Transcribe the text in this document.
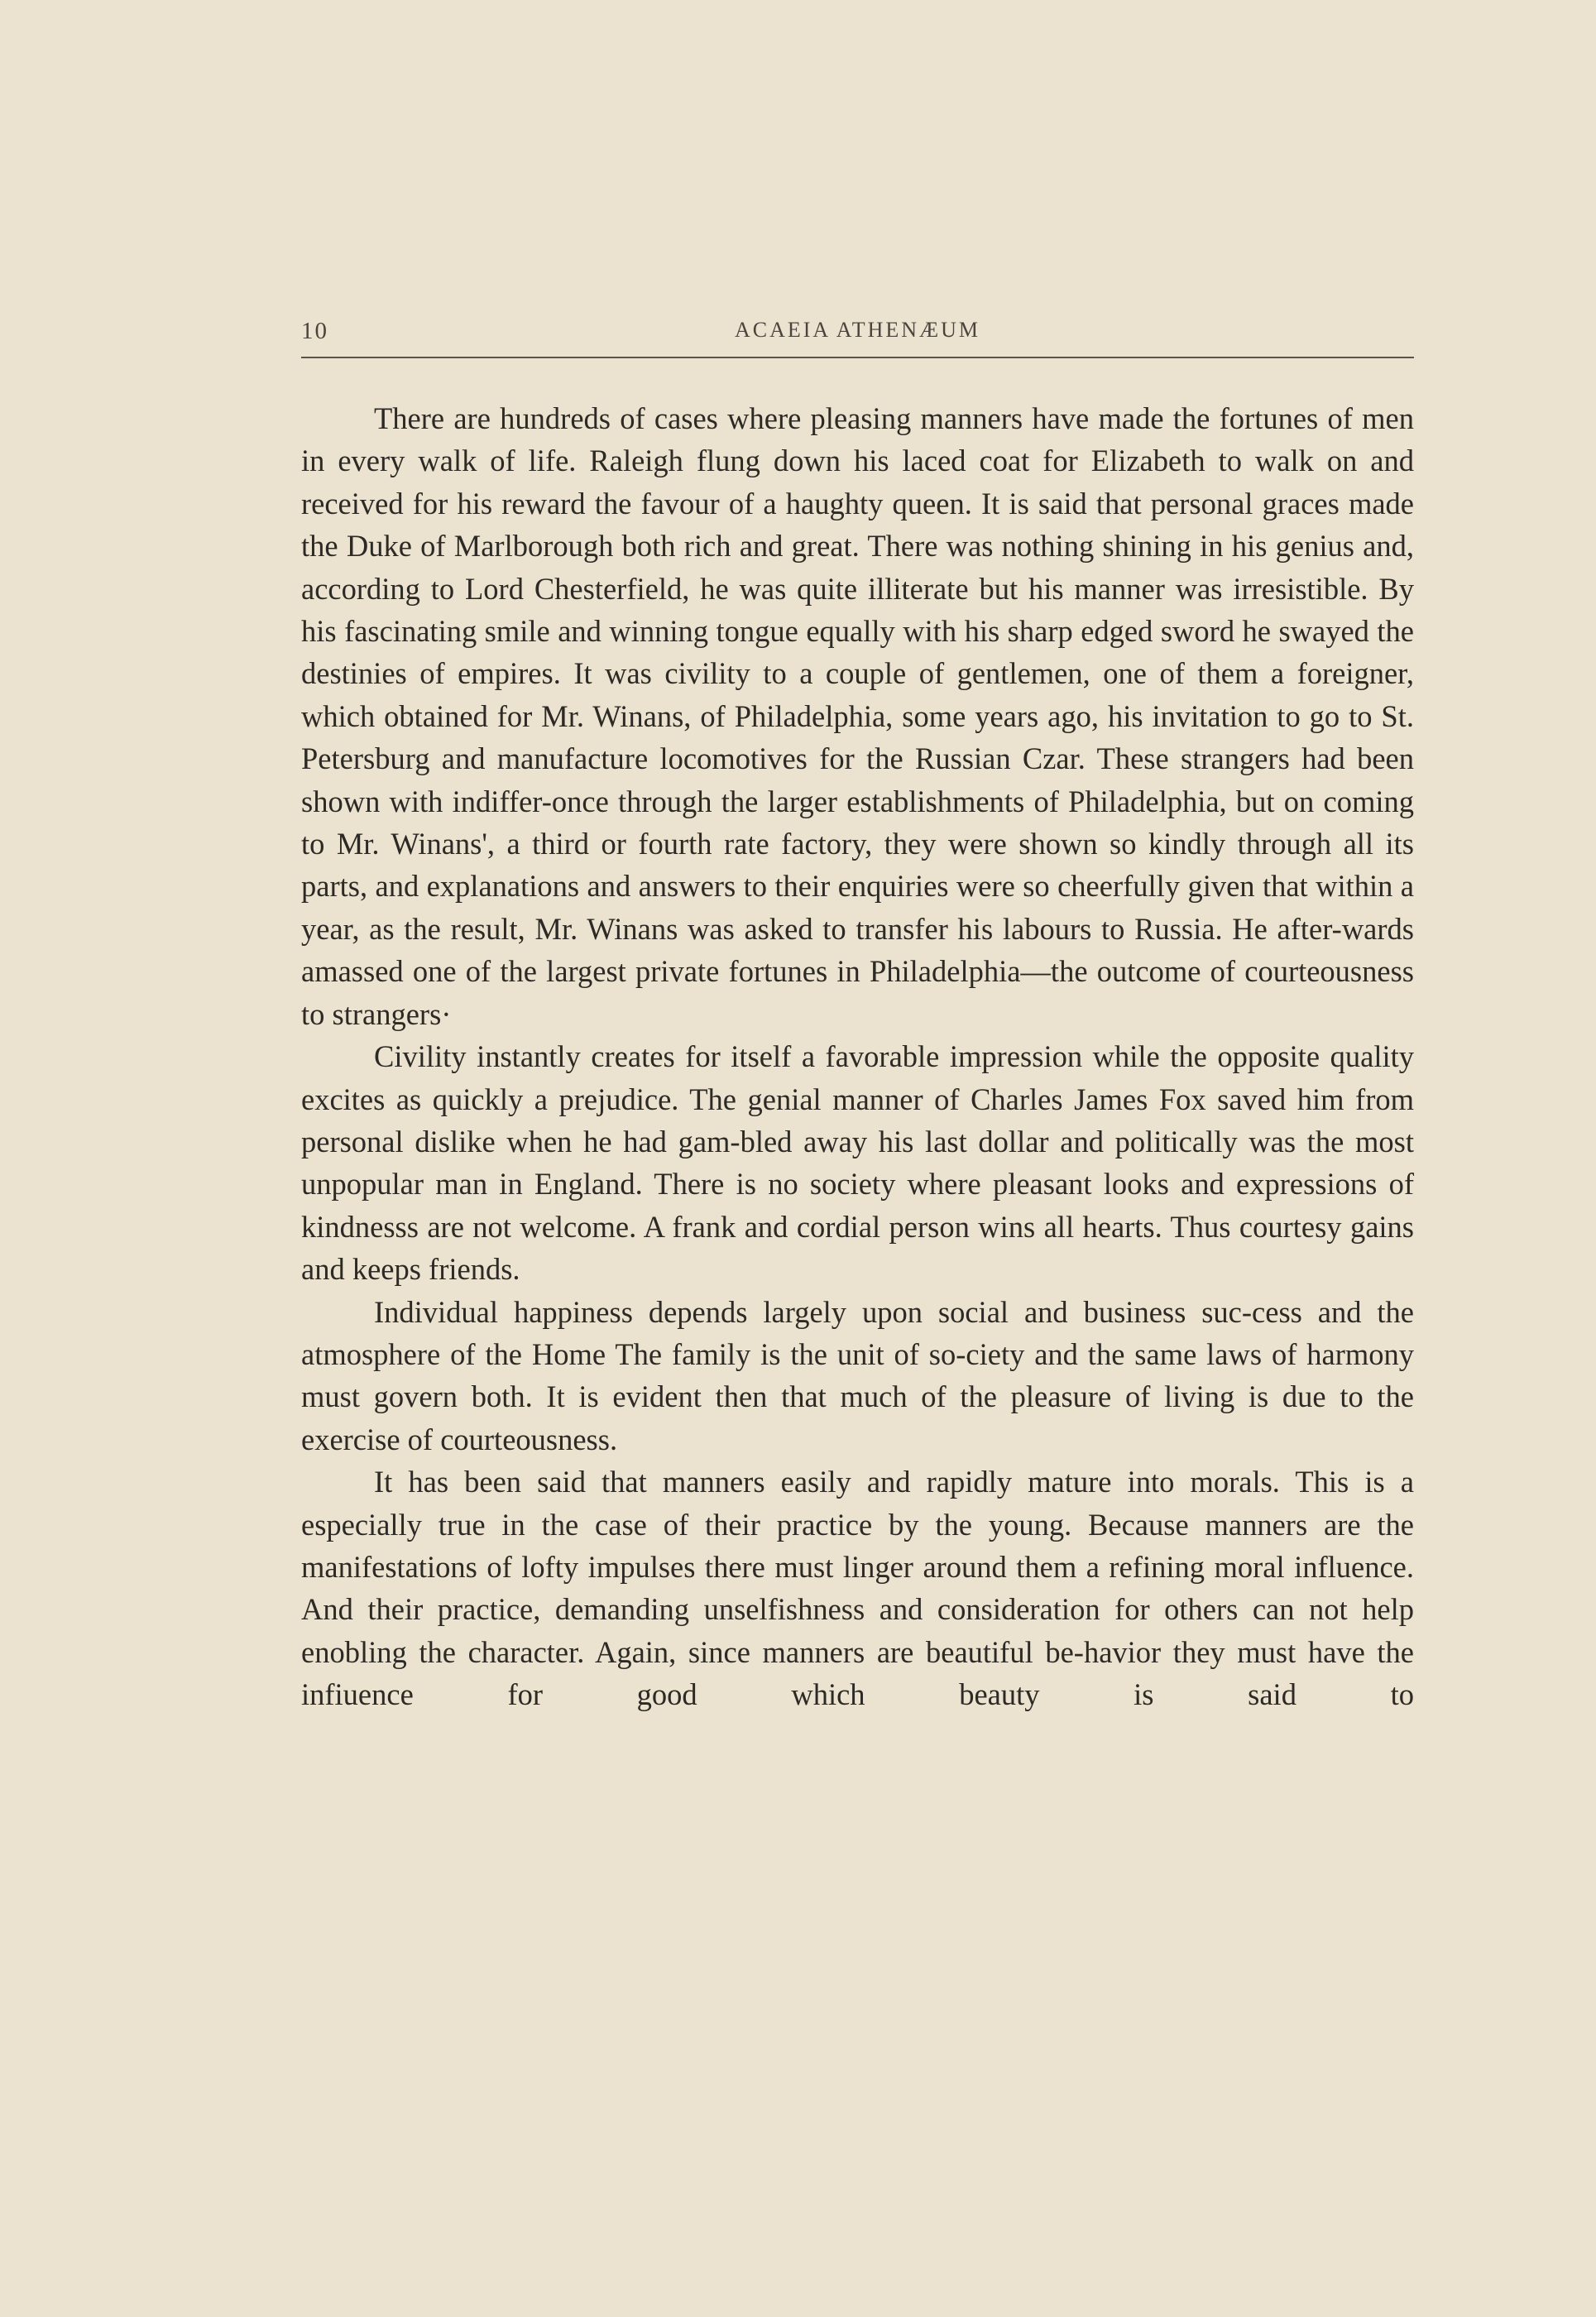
10	ACAEIA ATHENÆUM

There are hundreds of cases where pleasing manners have made the fortunes of men in every walk of life. Raleigh flung down his laced coat for Elizabeth to walk on and received for his reward the favour of a haughty queen. It is said that personal graces made the Duke of Marlborough both rich and great. There was nothing shining in his genius and, according to Lord Chesterfield, he was quite illiterate but his manner was irresistible. By his fascinating smile and winning tongue equally with his sharp edged sword he swayed the destinies of empires. It was civility to a couple of gentlemen, one of them a foreigner, which obtained for Mr. Winans, of Philadelphia, some years ago, his invitation to go to St. Petersburg and manufacture locomotives for the Russian Czar. These strangers had been shown with indiffer-once through the larger establishments of Philadelphia, but on coming to Mr. Winans', a third or fourth rate factory, they were shown so kindly through all its parts, and explanations and answers to their enquiries were so cheerfully given that within a year, as the result, Mr. Winans was asked to transfer his labours to Russia. He after-wards amassed one of the largest private fortunes in Philadelphia—the outcome of courteousness to strangers·

Civility instantly creates for itself a favorable impression while the opposite quality excites as quickly a prejudice. The genial manner of Charles James Fox saved him from personal dislike when he had gam-bled away his last dollar and politically was the most unpopular man in England. There is no society where pleasant looks and expressions of kindnesss are not welcome. A frank and cordial person wins all hearts. Thus courtesy gains and keeps friends.

Individual happiness depends largely upon social and business suc-cess and the atmosphere of the Home The family is the unit of so-ciety and the same laws of harmony must govern both. It is evident then that much of the pleasure of living is due to the exercise of courteousness.

It has been said that manners easily and rapidly mature into morals. This is a especially true in the case of their practice by the young. Because manners are the manifestations of lofty impulses there must linger around them a refining moral influence. And their practice, demanding unselfishness and consideration for others can not help enobling the character. Again, since manners are beautiful be-havior they must have the infiuence for good which beauty is said to
